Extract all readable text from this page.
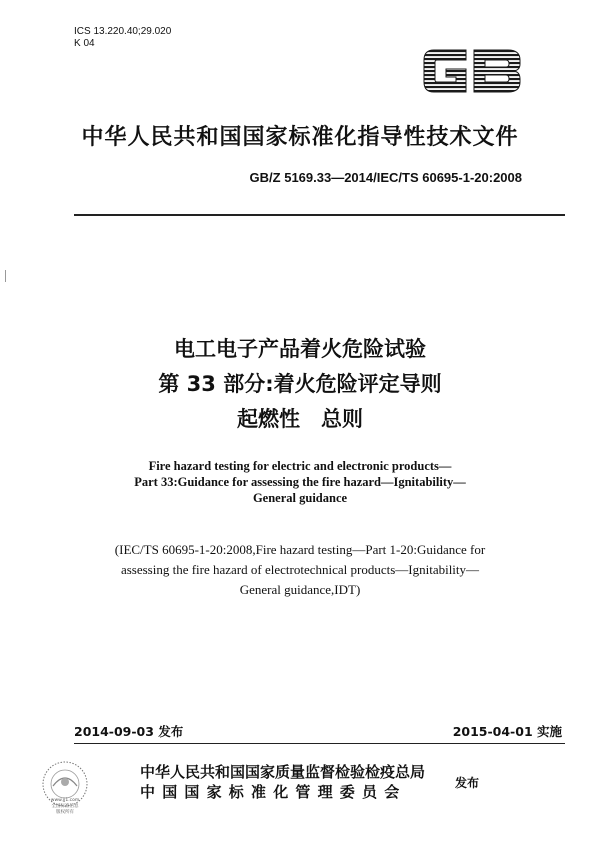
ICS 13.220.40;29.020
K 04
中华人民共和国国家标准化指导性技术文件
GB/Z 5169.33—2014/IEC/TS 60695-1-20:2008
电工电子产品着火危险试验
第 33 部分:着火危险评定导则
起燃性　总则
Fire hazard testing for electric and electronic products—
Part 33:Guidance for assessing the fire hazard—Ignitability—
General guidance
(IEC/TS 60695-1-20:2008,Fire hazard testing—Part 1-20:Guidance for
assessing the fire hazard of electrotechnical products—Ignitability—
General guidance,IDT)
2014-09-03 发布	2015-04-01 实施
www.jj1.com
全国标准信息
版权所有
中华人民共和国国家质量监督检验检疫总局
中国国家标准化管理委员会	发布
